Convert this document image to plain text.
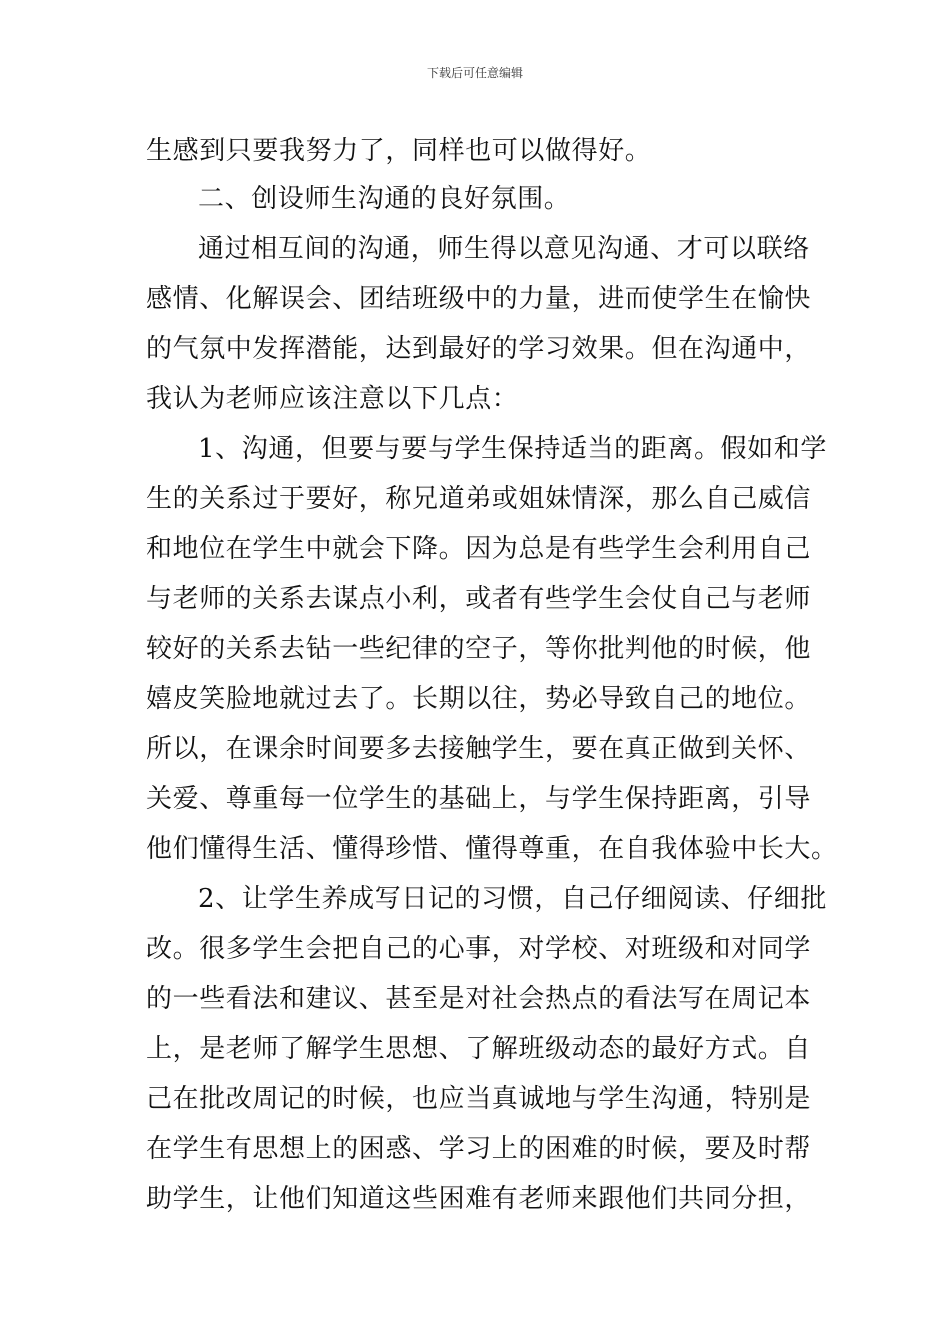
下载后可任意编辑
生感到只要我努力了，同样也可以做得好。
二、创设师生沟通的良好氛围。
通过相互间的沟通，师生得以意见沟通、才可以联络
感情、化解误会、团结班级中的力量，进而使学生在愉快
的气氛中发挥潜能，达到最好的学习效果。但在沟通中，
我认为老师应该注意以下几点：
1、沟通，但要与要与学生保持适当的距离。假如和学
生的关系过于要好，称兄道弟或姐妹情深，那么自己威信
和地位在学生中就会下降。因为总是有些学生会利用自己
与老师的关系去谋点小利，或者有些学生会仗自己与老师
较好的关系去钻一些纪律的空子，等你批判他的时候，他
嬉皮笑脸地就过去了。长期以往，势必导致自己的地位。
所以，在课余时间要多去接触学生，要在真正做到关怀、
关爱、尊重每一位学生的基础上，与学生保持距离，引导
他们懂得生活、懂得珍惜、懂得尊重，在自我体验中长大。
2、让学生养成写日记的习惯，自己仔细阅读、仔细批
改。很多学生会把自己的心事，对学校、对班级和对同学
的一些看法和建议、甚至是对社会热点的看法写在周记本
上，是老师了解学生思想、了解班级动态的最好方式。自
己在批改周记的时候，也应当真诚地与学生沟通，特别是
在学生有思想上的困惑、学习上的困难的时候，要及时帮
助学生，让他们知道这些困难有老师来跟他们共同分担，
